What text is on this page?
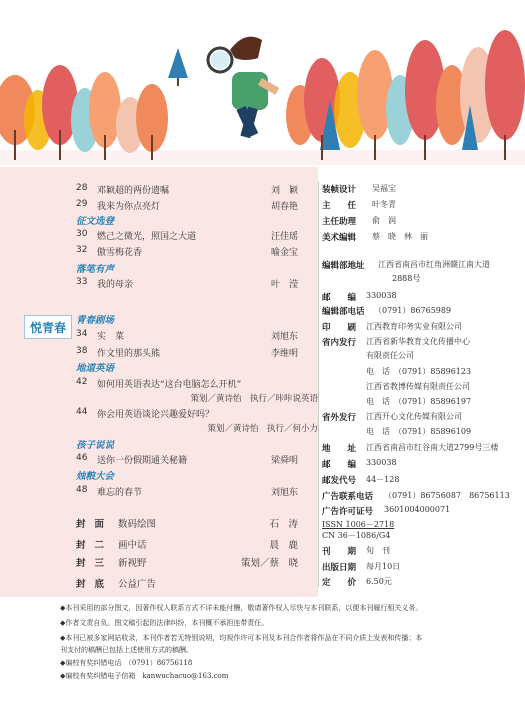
悦青春
28	邓颖超的两份遗嘱	刘　颖
29	我来为你点亮灯	胡春艳
征文选登
30	燃己之微光，照国之大道	汪佳瑶
32	傲雪梅花香	喻金宝
落笔有声
33	我的母亲	叶　滢
青春剧场
34	实　菜	刘旭东
38	作文里的那头熊	李维明
地道英语
42	如何用英语表达“这台电脑怎么开机”
策划／黄诗怡　执行／咔咔说英语
44	你会用英语谈论兴趣爱好吗？
策划／黄诗怡　执行／何小力
孩子说说
46	送你一份假期通关秘籍	梁舜明
烛粮大会
48	难忘的春节	刘旭东
封面 数码绘图	石　涛
封二 画中话	晨　鹿
封三 新视野	策划／蔡　晓
封底 公益广告
装帧设计 吴福宝
主　　任 叶冬青
主任助理 俞　润
美术编辑 蔡　晓　林　丽
编辑部地址 江西省南昌市红角洲赣江南大道
2888号
邮　　编 330038
编辑部电话 （0791）86765989
印　　刷 江西教育印务实业有限公司
省内发行 江西省新华教育文化传播中心
有限责任公司
电　话　（0791）85896123
江西省教博传媒有限责任公司
电　话　（0791）85896197
省外发行 江西开心文化传媒有限公司
电　话　（0791）85896109
地　　址 江西省南昌市红谷南大道2799号三楼
邮　　编 330038
邮发代号 44－128
广告联系电话 （0791）86756087　86756113
广告许可证号 3601004000071
ISSN 1006－2718
CN 36－1086/G4
刊　　期 旬　刊
出版日期 每月10日
定　　价 6.50元
◆本刊采用的部分图文，因著作权人联系方式不详未能付酬，敬请著作权人尽快与本刊联系，以便本刊履行相关义务。
◆作者文责自负。图文稿引起的法律纠纷，本刊概不承担连带责任。
◆本刊已被多家网站收录，本刊作者若无特别说明，均视作许可本刊及本刊合作者将作品在不同介质上发表和传播；本
刊支付的稿酬已包括上述使用方式的稿酬。
◆编校有奖纠错电话　（0791）86756118
◆编校有奖纠错电子信箱　kanwuchacuo@163.com
